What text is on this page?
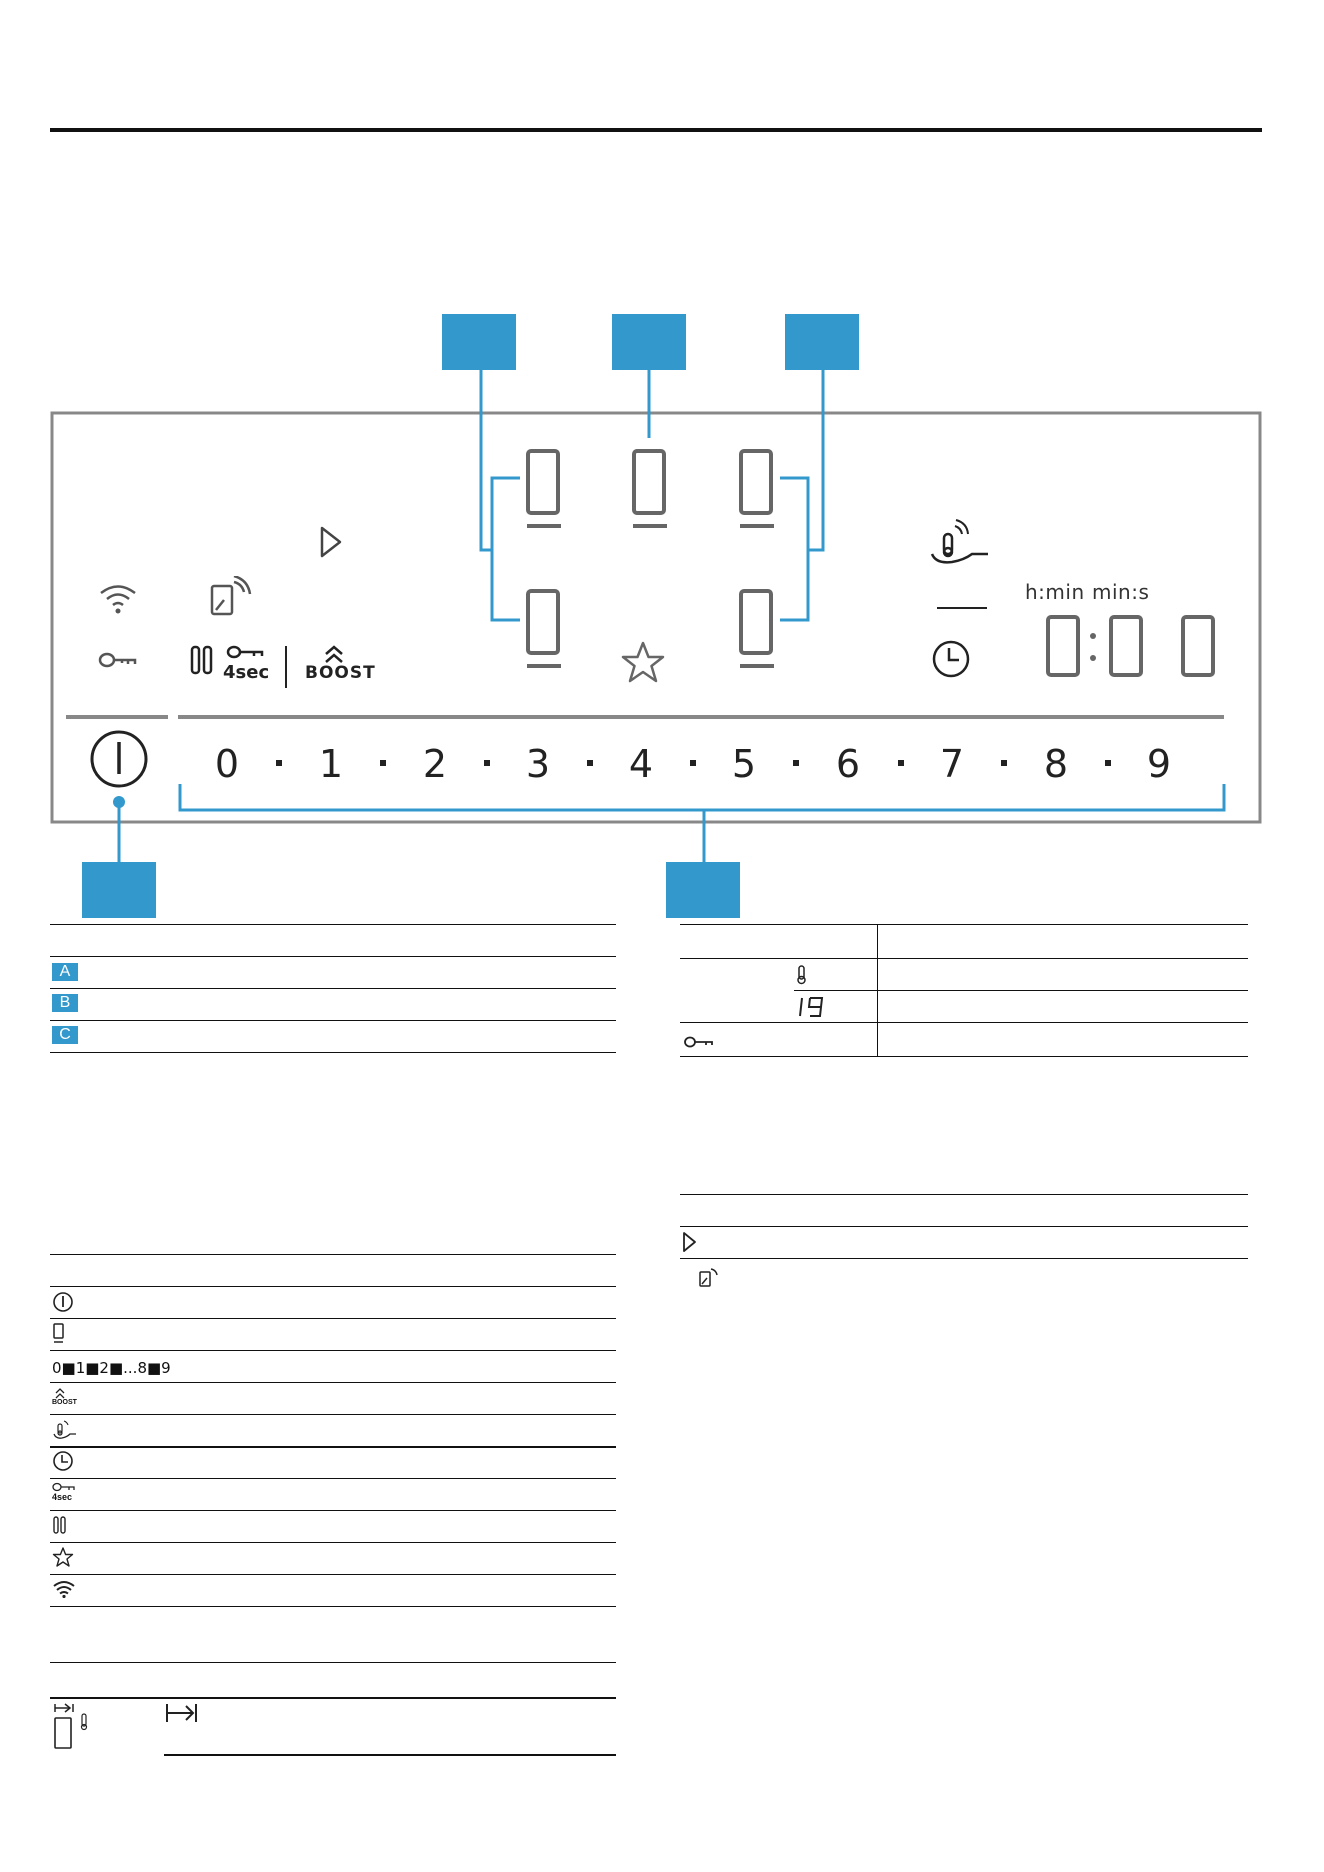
h:min min:s
4sec BOOST
0 1 2 3 4 5 6 7 8 9
A
B
C
0■1■2■...8■9
BOOST
4sec
